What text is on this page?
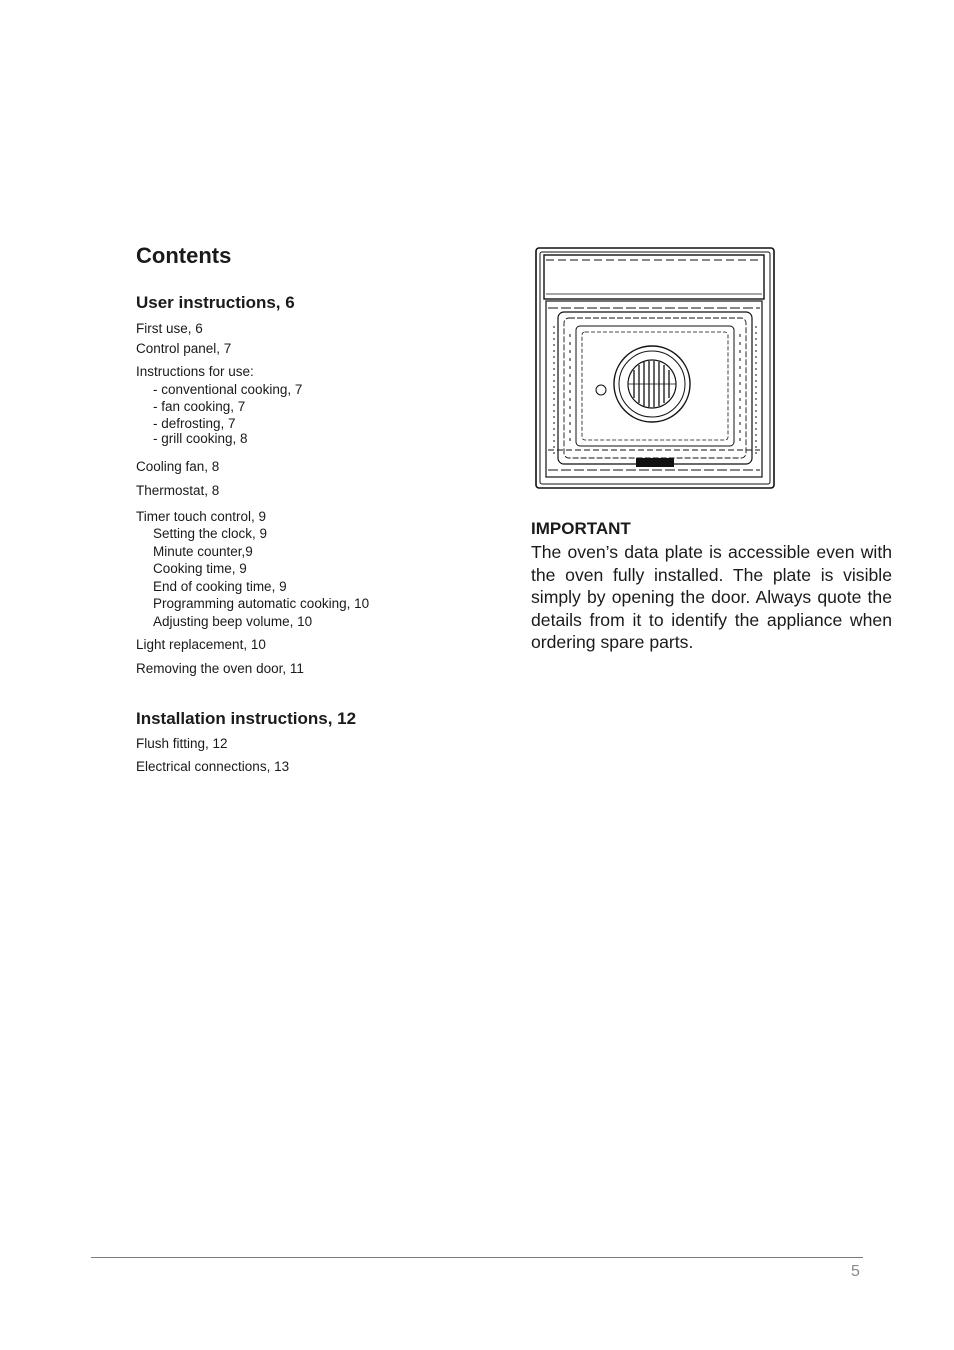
Contents
User instructions, 6
First use, 6
Control panel, 7
Instructions for use:
- conventional cooking, 7
- fan cooking, 7
- defrosting, 7
- grill cooking, 8
Cooling fan, 8
Thermostat, 8
Timer touch control, 9
Setting the clock, 9
Minute counter,9
Cooking time, 9
End of cooking time, 9
Programming automatic cooking, 10
Adjusting beep volume, 10
Light replacement, 10
Removing the oven door, 11
Installation instructions, 12
Flush fitting, 12
Electrical connections, 13
IMPORTANT
The oven’s data plate is accessible even with the oven fully installed. The plate is visible simply by opening the door. Always quote the details from it to identify the appliance when ordering spare parts.
5
